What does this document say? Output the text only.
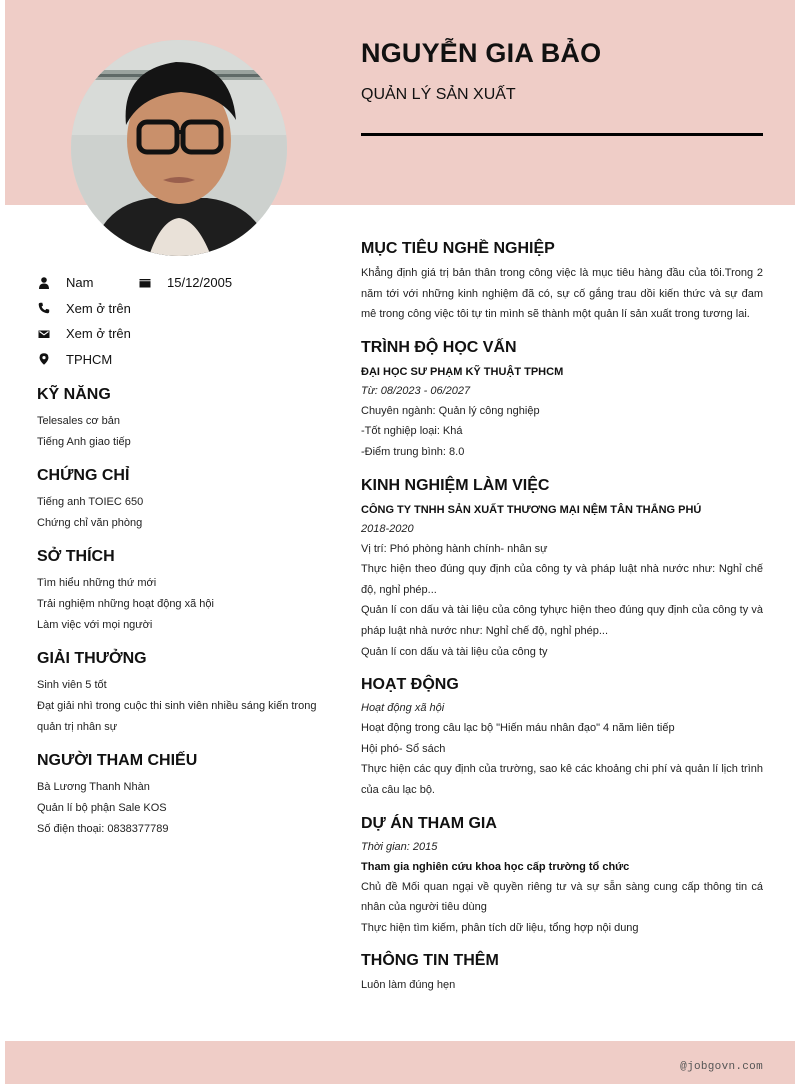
NGUYỄN GIA BẢO
QUẢN LÝ SẢN XUẤT
Nam	15/12/2005
Xem ở trên
Xem ở trên
TPHCM
KỸ NĂNG
Telesales cơ bản
Tiếng Anh giao tiếp
CHỨNG CHỈ
Tiếng anh TOIEC 650
Chứng chỉ văn phòng
SỞ THÍCH
Tìm hiểu những thứ mới
Trải nghiệm những hoạt động xã hội
Làm việc với mọi người
GIẢI THƯỞNG
Sinh viên 5 tốt
Đạt giải nhì trong cuộc thi sinh viên nhiều sáng kiến trong quản trị nhân sự
NGƯỜI THAM CHIẾU
Bà Lương Thanh Nhàn
Quản lí bộ phận Sale KOS
Số điện thoại: 0838377789
MỤC TIÊU NGHỀ NGHIỆP
Khẳng định giá trị bản thân trong công việc là mục tiêu hàng đầu của tôi.Trong 2 năm tới với những kinh nghiệm đã có, sự cố gắng trau dồi kiến thức và sự đam mê trong công việc tôi tự tin mình sẽ thành một quản lí sản xuất trong tương lai.
TRÌNH ĐỘ HỌC VẤN
ĐẠI HỌC SƯ PHẠM KỸ THUẬT TPHCM
Từ: 08/2023 - 06/2027
Chuyên ngành: Quản lý công nghiệp
-Tốt nghiệp loại: Khá
-Điểm trung bình: 8.0
KINH NGHIỆM LÀM VIỆC
CÔNG TY TNHH SẢN XUẤT THƯƠNG MẠI NỆM TÂN THẮNG PHÚ
2018-2020
Vị trí: Phó phòng hành chính- nhân sự
Thực hiện theo đúng quy định của công ty và pháp luật nhà nước như: Nghỉ chế độ, nghỉ phép...
Quản lí con dấu và tài liệu của công tyhực hiện theo đúng quy định của công ty và pháp luật nhà nước như: Nghỉ chế độ, nghỉ phép...
Quản lí con dấu và tài liệu của công ty
HOẠT ĐỘNG
Hoạt động xã hội
Hoạt động trong câu lạc bộ "Hiến máu nhân đạo" 4 năm liên tiếp
Hội phó- Sổ sách
Thực hiện các quy định của trường, sao kê các khoảng chi phí và quản lí lịch trình của câu lạc bộ.
DỰ ÁN THAM GIA
Thời gian: 2015
Tham gia nghiên cứu khoa học cấp trường tổ chức
Chủ đề Mối quan ngại về quyền riêng tư và sự sẵn sàng cung cấp thông tin cá nhân của người tiêu dùng
Thực hiện tìm kiếm, phân tích dữ liệu, tổng hợp nội dung
THÔNG TIN THÊM
Luôn làm đúng hẹn
@jobgovn.com
